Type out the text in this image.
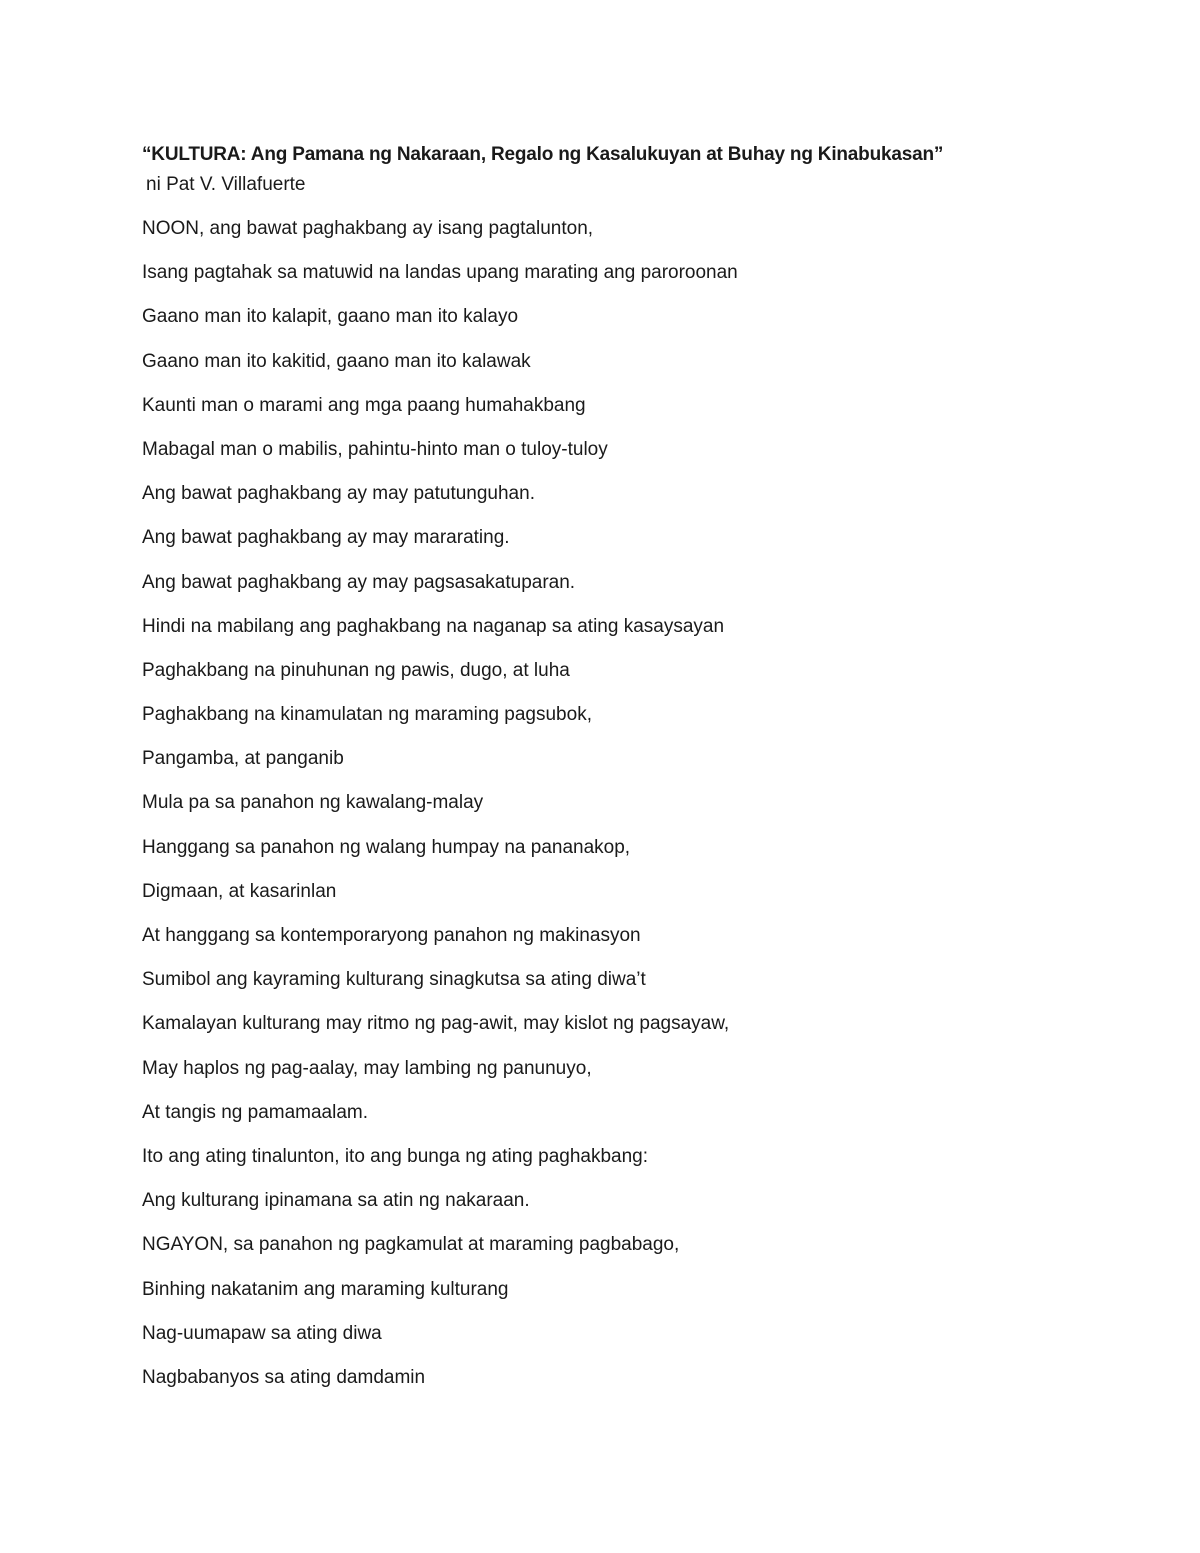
“KULTURA: Ang Pamana ng Nakaraan, Regalo ng Kasalukuyan at Buhay ng Kinabukasan”

ni Pat V. Villafuerte

NOON, ang bawat paghakbang ay isang pagtalunton,

Isang pagtahak sa matuwid na landas upang marating ang paroroonan

Gaano man ito kalapit, gaano man ito kalayo

Gaano man ito kakitid, gaano man ito kalawak

Kaunti man o marami ang mga paang humahakbang

Mabagal man o mabilis, pahintu-hinto man o tuloy-tuloy

Ang bawat paghakbang ay may patutunguhan.

Ang bawat paghakbang ay may mararating.

Ang bawat paghakbang ay may pagsasakatuparan.

Hindi na mabilang ang paghakbang na naganap sa ating kasaysayan

Paghakbang na pinuhunan ng pawis, dugo, at luha

Paghakbang na kinamulatan ng maraming pagsubok,

Pangamba, at panganib

Mula pa sa panahon ng kawalang-malay

Hanggang sa panahon ng walang humpay na pananakop,

Digmaan, at kasarinlan

At hanggang sa kontemporaryong panahon ng makinasyon

Sumibol ang kayraming kulturang sinagkutsa sa ating diwa’t

Kamalayan kulturang may ritmo ng pag-awit, may kislot ng pagsayaw,

May haplos ng pag-aalay, may lambing ng panunuyo,

At tangis ng pamamaalam.

Ito ang ating tinalunton, ito ang bunga ng ating paghakbang:

Ang kulturang ipinamana sa atin ng nakaraan.

NGAYON, sa panahon ng pagkamulat at maraming pagbabago,

Binhing nakatanim ang maraming kulturang

Nag-uumapaw sa ating diwa

Nagbabanyos sa ating damdamin
